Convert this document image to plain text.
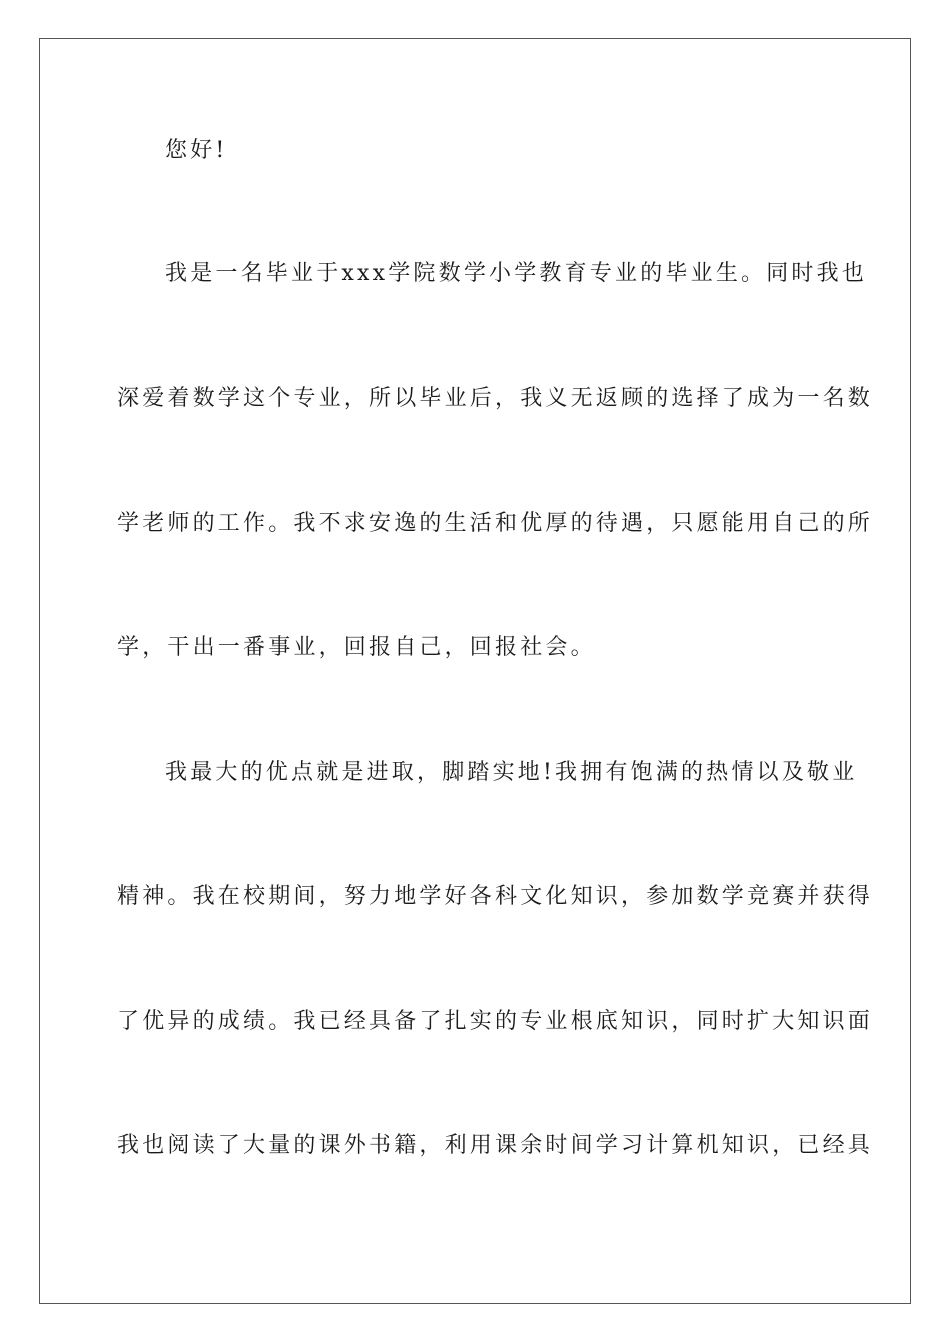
您好!
我是一名毕业于xxx学院数学小学教育专业的毕业生。同时我也
深爱着数学这个专业，所以毕业后，我义无返顾的选择了成为一名数
学老师的工作。我不求安逸的生活和优厚的待遇，只愿能用自己的所
学，干出一番事业，回报自己，回报社会。
我最大的优点就是进取，脚踏实地!我拥有饱满的热情以及敬业
精神。我在校期间，努力地学好各科文化知识，参加数学竞赛并获得
了优异的成绩。我已经具备了扎实的专业根底知识，同时扩大知识面
我也阅读了大量的课外书籍，利用课余时间学习计算机知识，已经具
